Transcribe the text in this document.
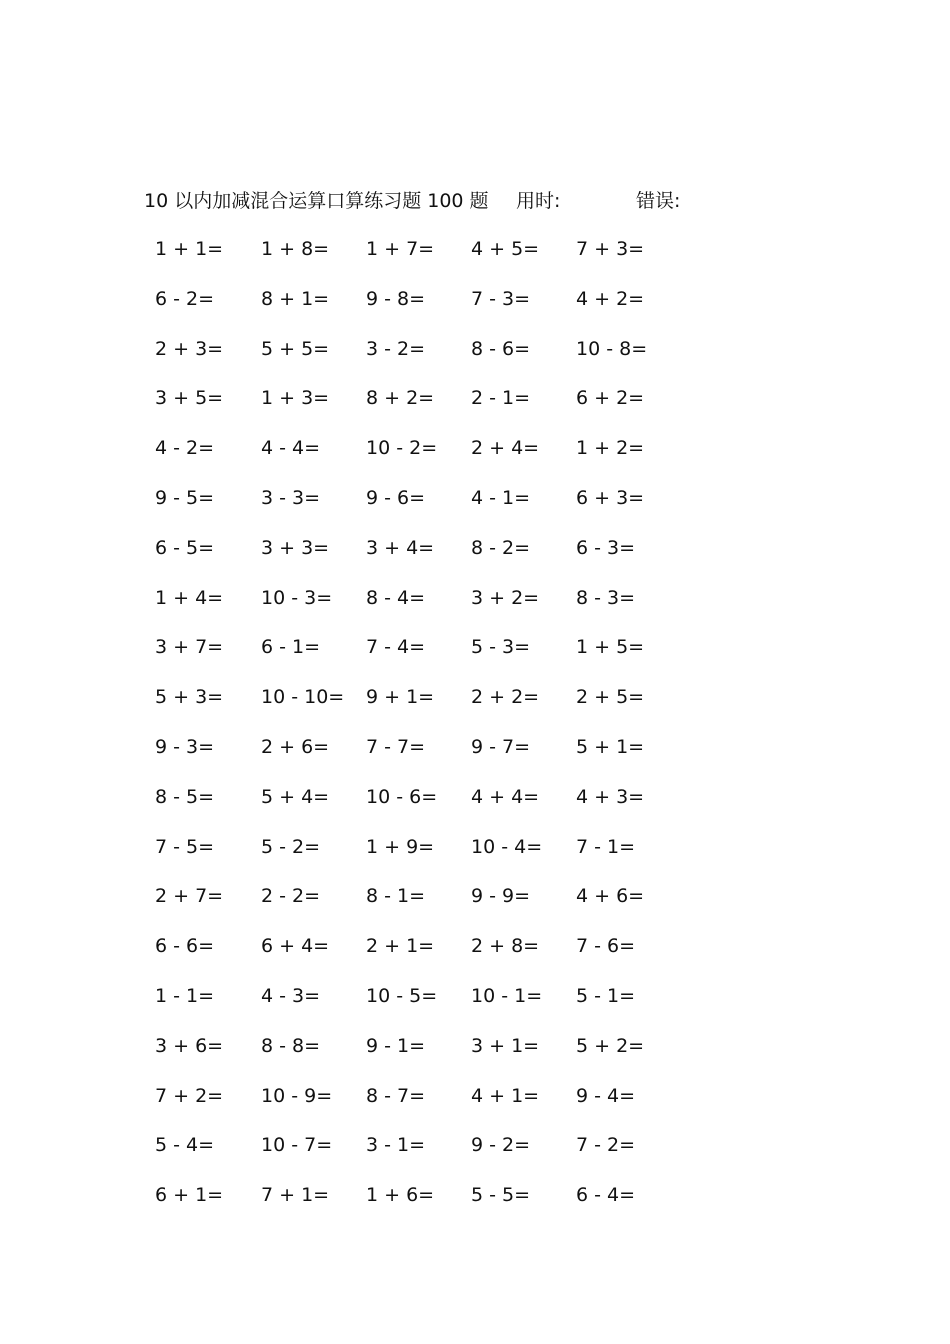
10 以内加减混合运算口算练习题 100 题 用时:	错误:
1 + 1= 1 + 8= 1 + 7= 4 + 5= 7 + 3=
6 - 2= 8 + 1= 9 - 8= 7 - 3= 4 + 2=
2 + 3= 5 + 5= 3 - 2= 8 - 6= 10 - 8=
3 + 5= 1 + 3= 8 + 2= 2 - 1= 6 + 2=
4 - 2= 4 - 4= 10 - 2= 2 + 4= 1 + 2=
9 - 5= 3 - 3= 9 - 6= 4 - 1= 6 + 3=
6 - 5= 3 + 3= 3 + 4= 8 - 2= 6 - 3=
1 + 4= 10 - 3= 8 - 4= 3 + 2= 8 - 3=
3 + 7= 6 - 1= 7 - 4= 5 - 3= 1 + 5=
5 + 3= 10 - 10= 9 + 1= 2 + 2= 2 + 5=
9 - 3= 2 + 6= 7 - 7= 9 - 7= 5 + 1=
8 - 5= 5 + 4= 10 - 6= 4 + 4= 4 + 3=
7 - 5= 5 - 2= 1 + 9= 10 - 4= 7 - 1=
2 + 7= 2 - 2= 8 - 1= 9 - 9= 4 + 6=
6 - 6= 6 + 4= 2 + 1= 2 + 8= 7 - 6=
1 - 1= 4 - 3= 10 - 5= 10 - 1= 5 - 1=
3 + 6= 8 - 8= 9 - 1= 3 + 1= 5 + 2=
7 + 2= 10 - 9= 8 - 7= 4 + 1= 9 - 4=
5 - 4= 10 - 7= 3 - 1= 9 - 2= 7 - 2=
6 + 1= 7 + 1= 1 + 6= 5 - 5= 6 - 4=
